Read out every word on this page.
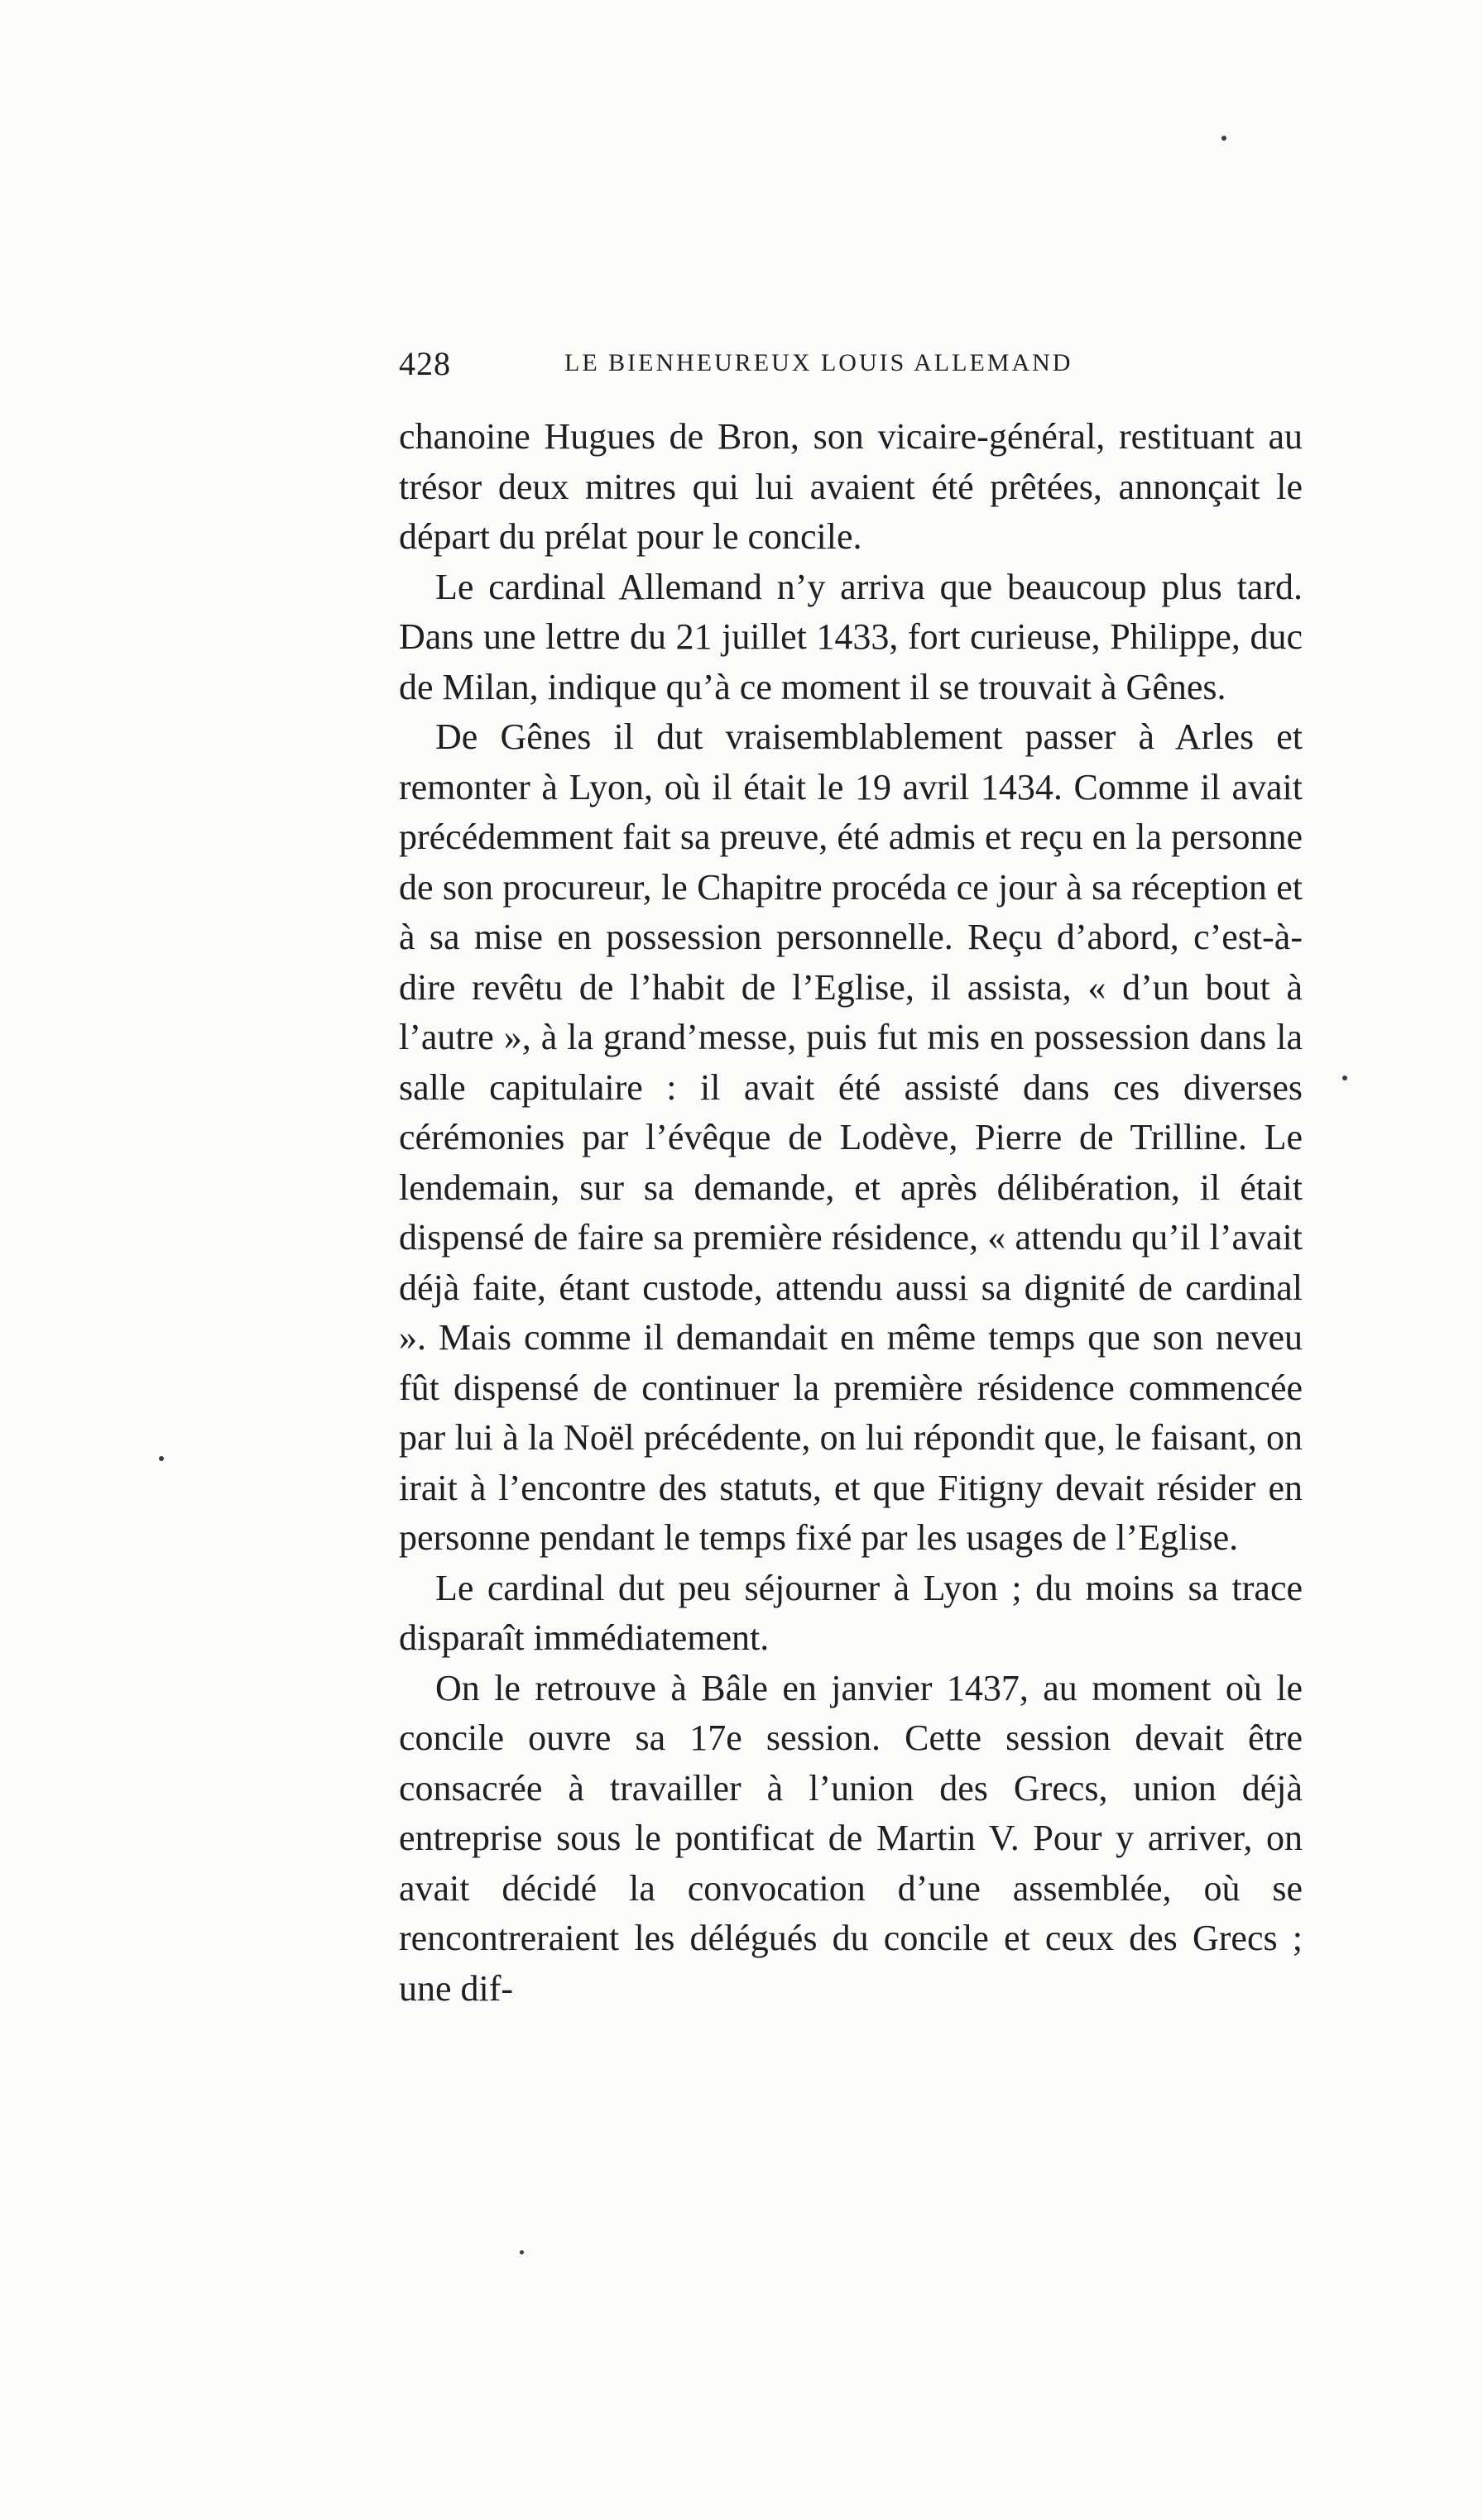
428	LE BIENHEUREUX LOUIS ALLEMAND

chanoine Hugues de Bron, son vicaire-général, restituant au trésor deux mitres qui lui avaient été prêtées, annonçait le départ du prélat pour le concile.

Le cardinal Allemand n’y arriva que beaucoup plus tard. Dans une lettre du 21 juillet 1433, fort curieuse, Philippe, duc de Milan, indique qu’à ce moment il se trouvait à Gênes.

De Gênes il dut vraisemblablement passer à Arles et remonter à Lyon, où il était le 19 avril 1434. Comme il avait précédemment fait sa preuve, été admis et reçu en la personne de son procureur, le Chapitre procéda ce jour à sa réception et à sa mise en possession personnelle. Reçu d’abord, c’est-à-dire revêtu de l’habit de l’Eglise, il assista, « d’un bout à l’autre », à la grand’messe, puis fut mis en possession dans la salle capitulaire : il avait été assisté dans ces diverses cérémonies par l’évêque de Lodève, Pierre de Trilline. Le lendemain, sur sa demande, et après délibération, il était dispensé de faire sa première résidence, « attendu qu’il l’avait déjà faite, étant custode, attendu aussi sa dignité de cardinal ». Mais comme il demandait en même temps que son neveu fût dispensé de continuer la première résidence commencée par lui à la Noël précédente, on lui répondit que, le faisant, on irait à l’encontre des statuts, et que Fitigny devait résider en personne pendant le temps fixé par les usages de l’Eglise.

Le cardinal dut peu séjourner à Lyon ; du moins sa trace disparaît immédiatement.

On le retrouve à Bâle en janvier 1437, au moment où le concile ouvre sa 17e session. Cette session devait être consacrée à travailler à l’union des Grecs, union déjà entreprise sous le pontificat de Martin V. Pour y arriver, on avait décidé la convocation d’une assemblée, où se rencontreraient les délégués du concile et ceux des Grecs ; une dif-
